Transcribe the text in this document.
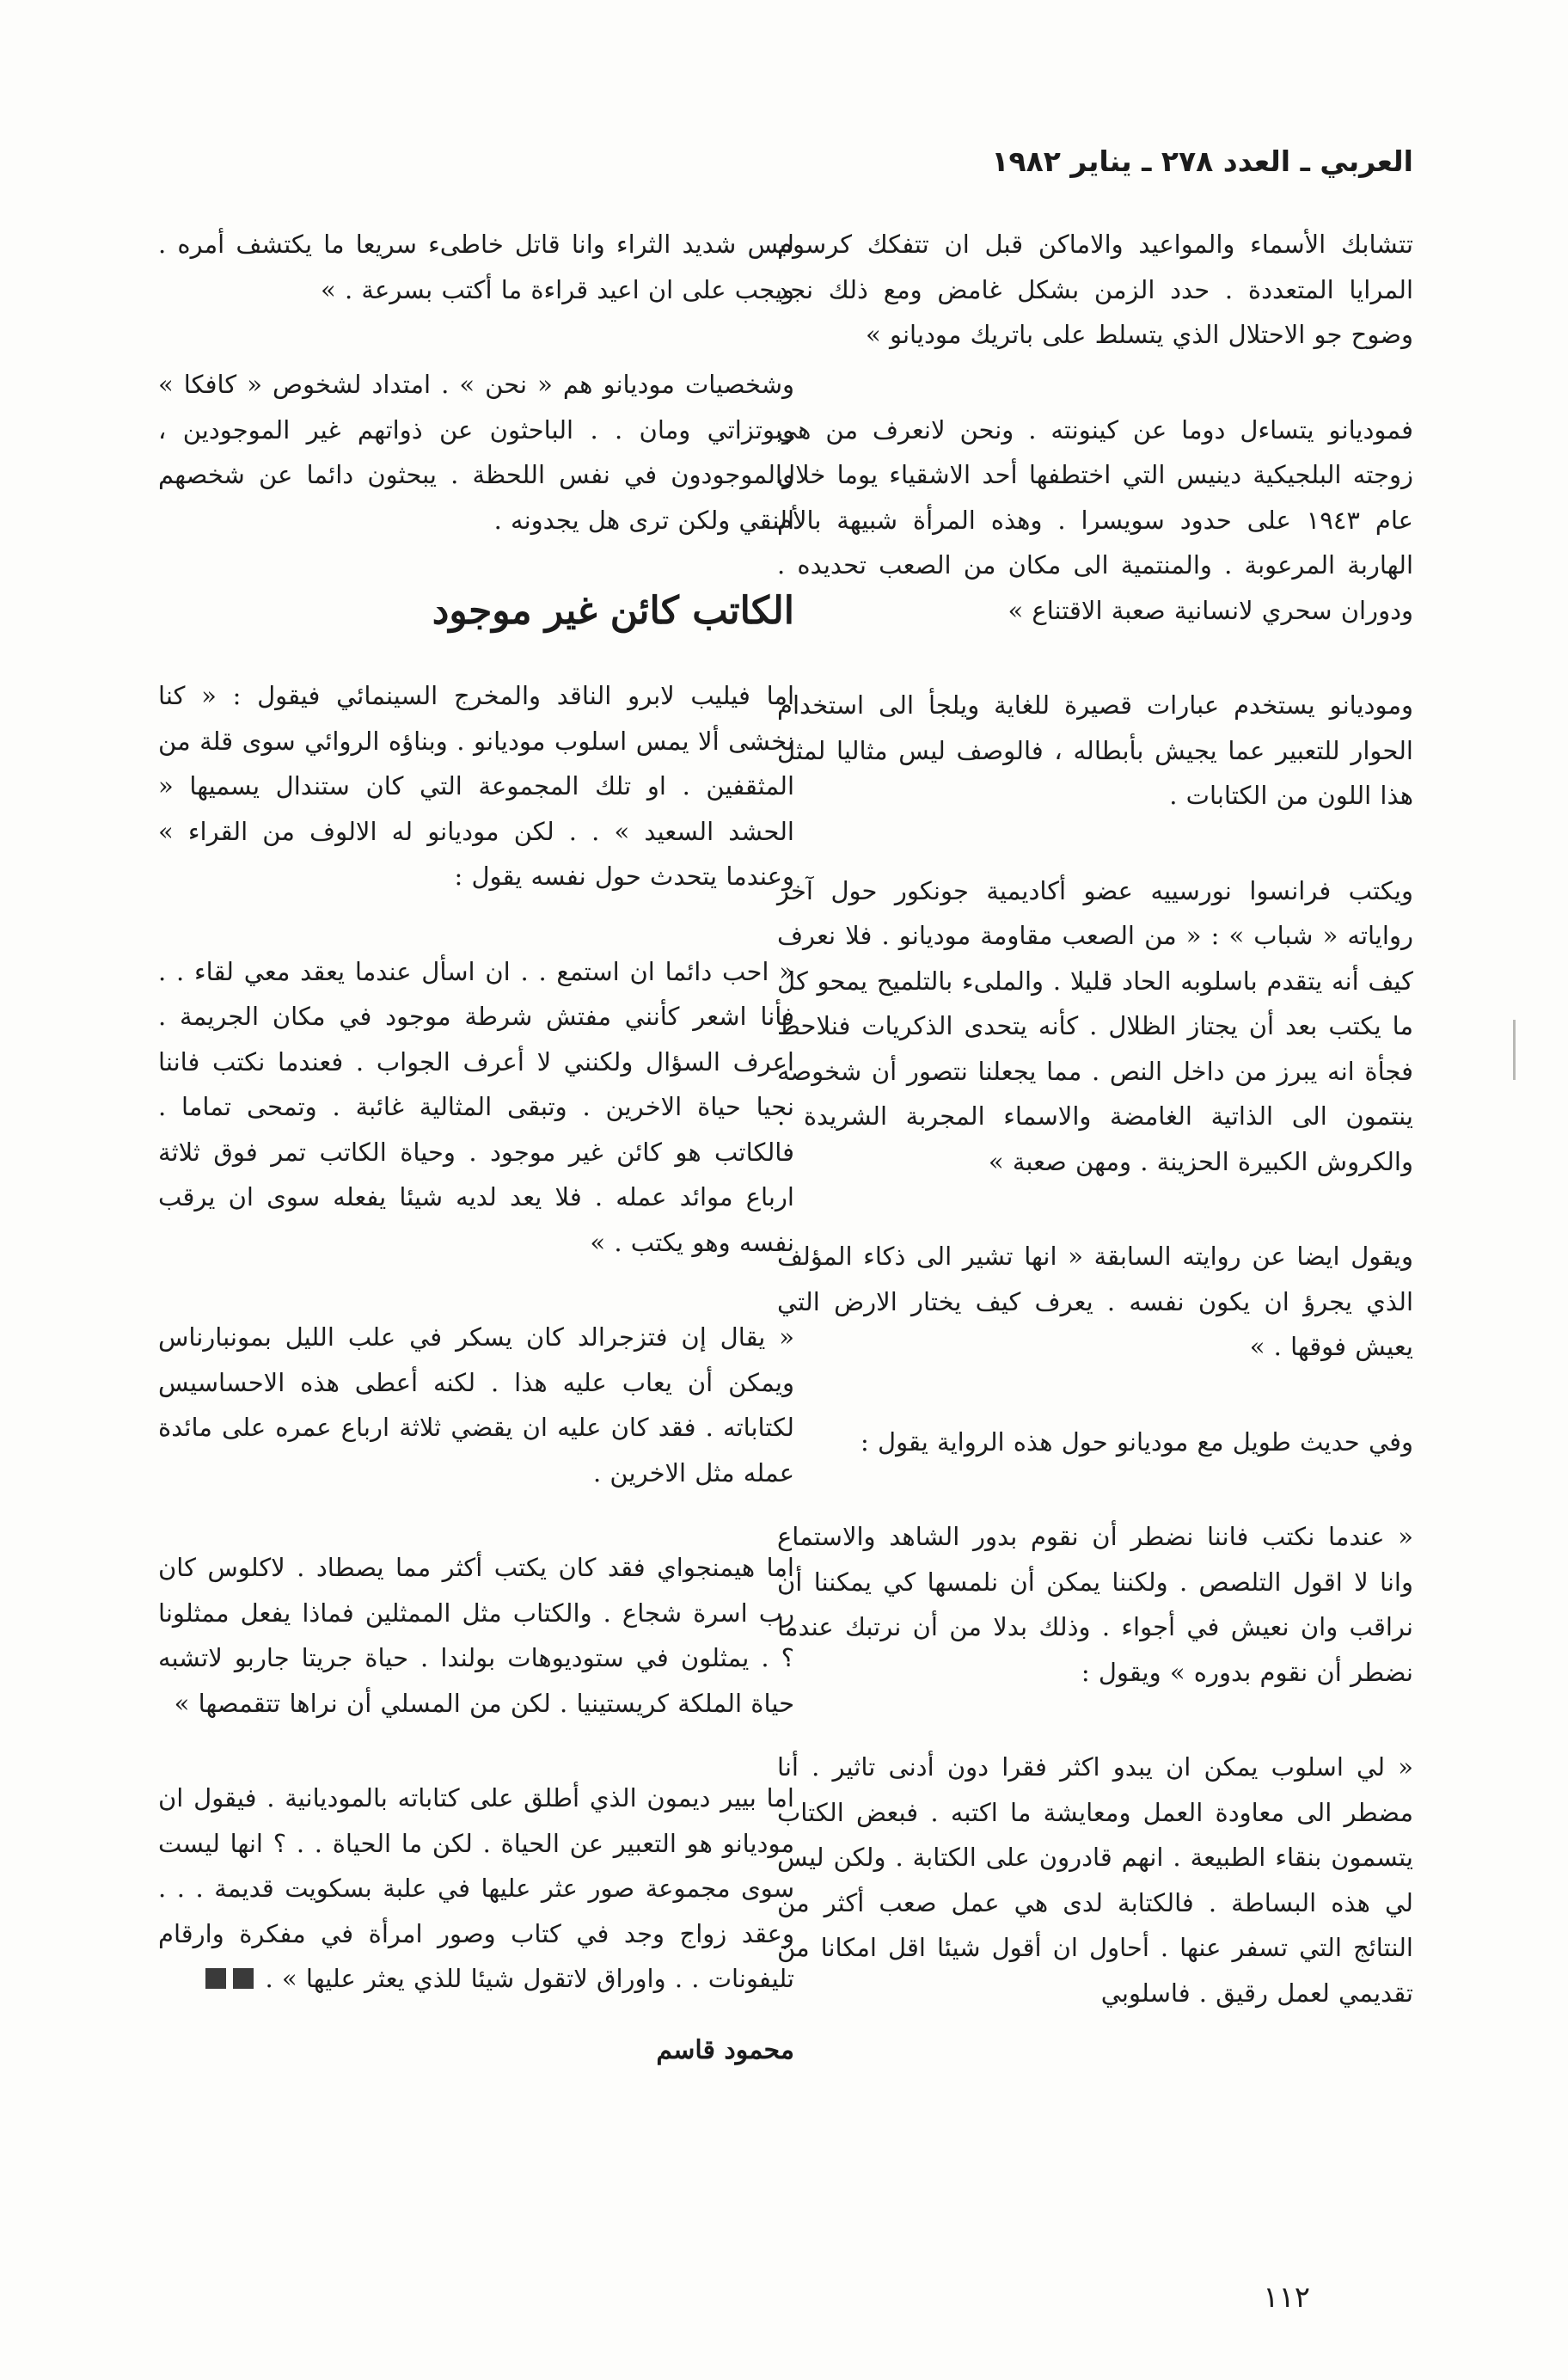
العربي ـ العدد ٢٧٨ ـ يناير ١٩٨٢

تتشابك الأسماء والمواعيد والاماكن قبل ان تتفكك كرسوم المرايا المتعددة . حدد الزمن بشكل غامض ومع ذلك نجد وضوح جو الاحتلال الذي يتسلط على باتريك مودیانو »

فموديانو يتساءل دوما عن كينونته . ونحن لانعرف من هي زوجته البلجيكية دينيس التي اختطفها أحد الاشقياء يوما خلال عام ١٩٤٣ على حدود سويسرا . وهذه المرأة شبيهة بالأم الهاربة المرعوبة . والمنتمية الى مكان من الصعب تحديده . ودوران سحري لانسانية صعبة الاقتناع »

وموديانو يستخدم عبارات قصيرة للغاية ويلجأ الى استخدام الحوار للتعبير عما يجيش بأبطاله ، فالوصف ليس مثاليا لمثل هذا اللون من الكتابات .

ويكتب فرانسوا نورسييه عضو أكاديمية جونكور حول آخر رواياته « شباب » : « من الصعب مقاومة موديانو . فلا نعرف كيف أنه يتقدم باسلوبه الحاد قليلا . والملىء بالتلميح يمحو كل ما يكتب بعد أن يجتاز الظلال . كأنه يتحدى الذكريات فنلاحظ فجأة انه يبرز من داخل النص . مما يجعلنا نتصور أن شخوصه ينتمون الى الذاتية الغامضة والاسماء المجربة الشريدة . والكروش الكبيرة الحزينة . ومهن صعبة »

ويقول ايضا عن روايته السابقة « انها تشير الى ذكاء المؤلف الذي يجرؤ ان يكون نفسه . يعرف كيف يختار الارض التي يعيش فوقها . »

وفي حديث طويل مع موديانو حول هذه الرواية يقول :

« عندما نكتب فاننا نضطر أن نقوم بدور الشاهد والاستماع وانا لا اقول التلصص . ولكننا يمكن أن نلمسها كي يمكننا أن نراقب وان نعيش في أجواء . وذلك بدلا من أن نرتبك عندما نضطر أن نقوم بدوره » ويقول :

« لي اسلوب يمكن ان يبدو اكثر فقرا دون أدنى تاثير . أنا مضطر الى معاودة العمل ومعايشة ما اكتبه . فبعض الكتاب يتسمون بنقاء الطبيعة . انهم قادرون على الكتابة . ولكن ليس لي هذه البساطة . فالكتابة لدى هي عمل صعب أكثر من النتائج التي تسفر عنها . أحاول ان أقول شيئا اقل امكانا من تقديمي لعمل رقيق . فاسلوبي

ليس شديد الثراء وانا قاتل خاطىء سريعا ما يكتشف أمره . ويجب على ان اعيد قراءة ما أكتب بسرعة . »

وشخصيات موديانو هم « نحن » . امتداد لشخوص « كافكا » وبوتزاتي ومان . . الباحثون عن ذواتهم غير الموجودين ، والموجودون في نفس اللحظة . يبحثون دائما عن شخصهم النقي ولكن ترى هل يجدونه .

الكاتب كائن غير موجود

اما فيليب لابرو الناقد والمخرج السينمائي فيقول : « كنا نخشى ألا يمس اسلوب موديانو . وبناؤه الروائي سوى قلة من المثقفين . او تلك المجموعة التي كان ستندال يسميها « الحشد السعيد » . . لكن موديانو له الالوف من القراء » وعندما يتحدث حول نفسه يقول :

« احب دائما ان استمع . . ان اسأل عندما يعقد معي لقاء . . فأنا اشعر كأنني مفتش شرطة موجود في مكان الجريمة . اعرف السؤال ولكنني لا أعرف الجواب . فعندما نكتب فاننا نحيا حياة الاخرين . وتبقى المثالية غائبة . وتمحى تماما . فالكاتب هو كائن غير موجود . وحياة الكاتب تمر فوق ثلاثة ارباع موائد عمله . فلا يعد لديه شيئا يفعله سوى ان يرقب نفسه وهو يكتب . »

« يقال إن فتزجرالد كان يسكر في علب الليل بمونبارناس ويمكن أن يعاب عليه هذا . لكنه أعطى هذه الاحساسيس لكتاباته . فقد كان عليه ان يقضي ثلاثة ارباع عمره على مائدة عمله مثل الاخرين .

اما هيمنجواي فقد كان يكتب أكثر مما يصطاد . لاكلوس كان رب اسرة شجاع . والكتاب مثل الممثلين فماذا يفعل ممثلونا ؟ . يمثلون في ستوديوهات بولندا . حياة جريتا جاربو لاتشبه حياة الملكة كريستينيا . لكن من المسلي أن نراها تتقمصها »

اما بيير ديمون الذي أطلق على كتاباته بالموديانية . فيقول ان موديانو هو التعبير عن الحياة . لكن ما الحياة . . ؟ انها ليست سوى مجموعة صور عثر عليها في علبة بسكويت قديمة . . . وعقد زواج وجد في كتاب وصور امرأة في مفكرة وارقام تليفونات . . واوراق لاتقول شيئا للذي يعثر عليها » .

محمود قاسم
١١٢
